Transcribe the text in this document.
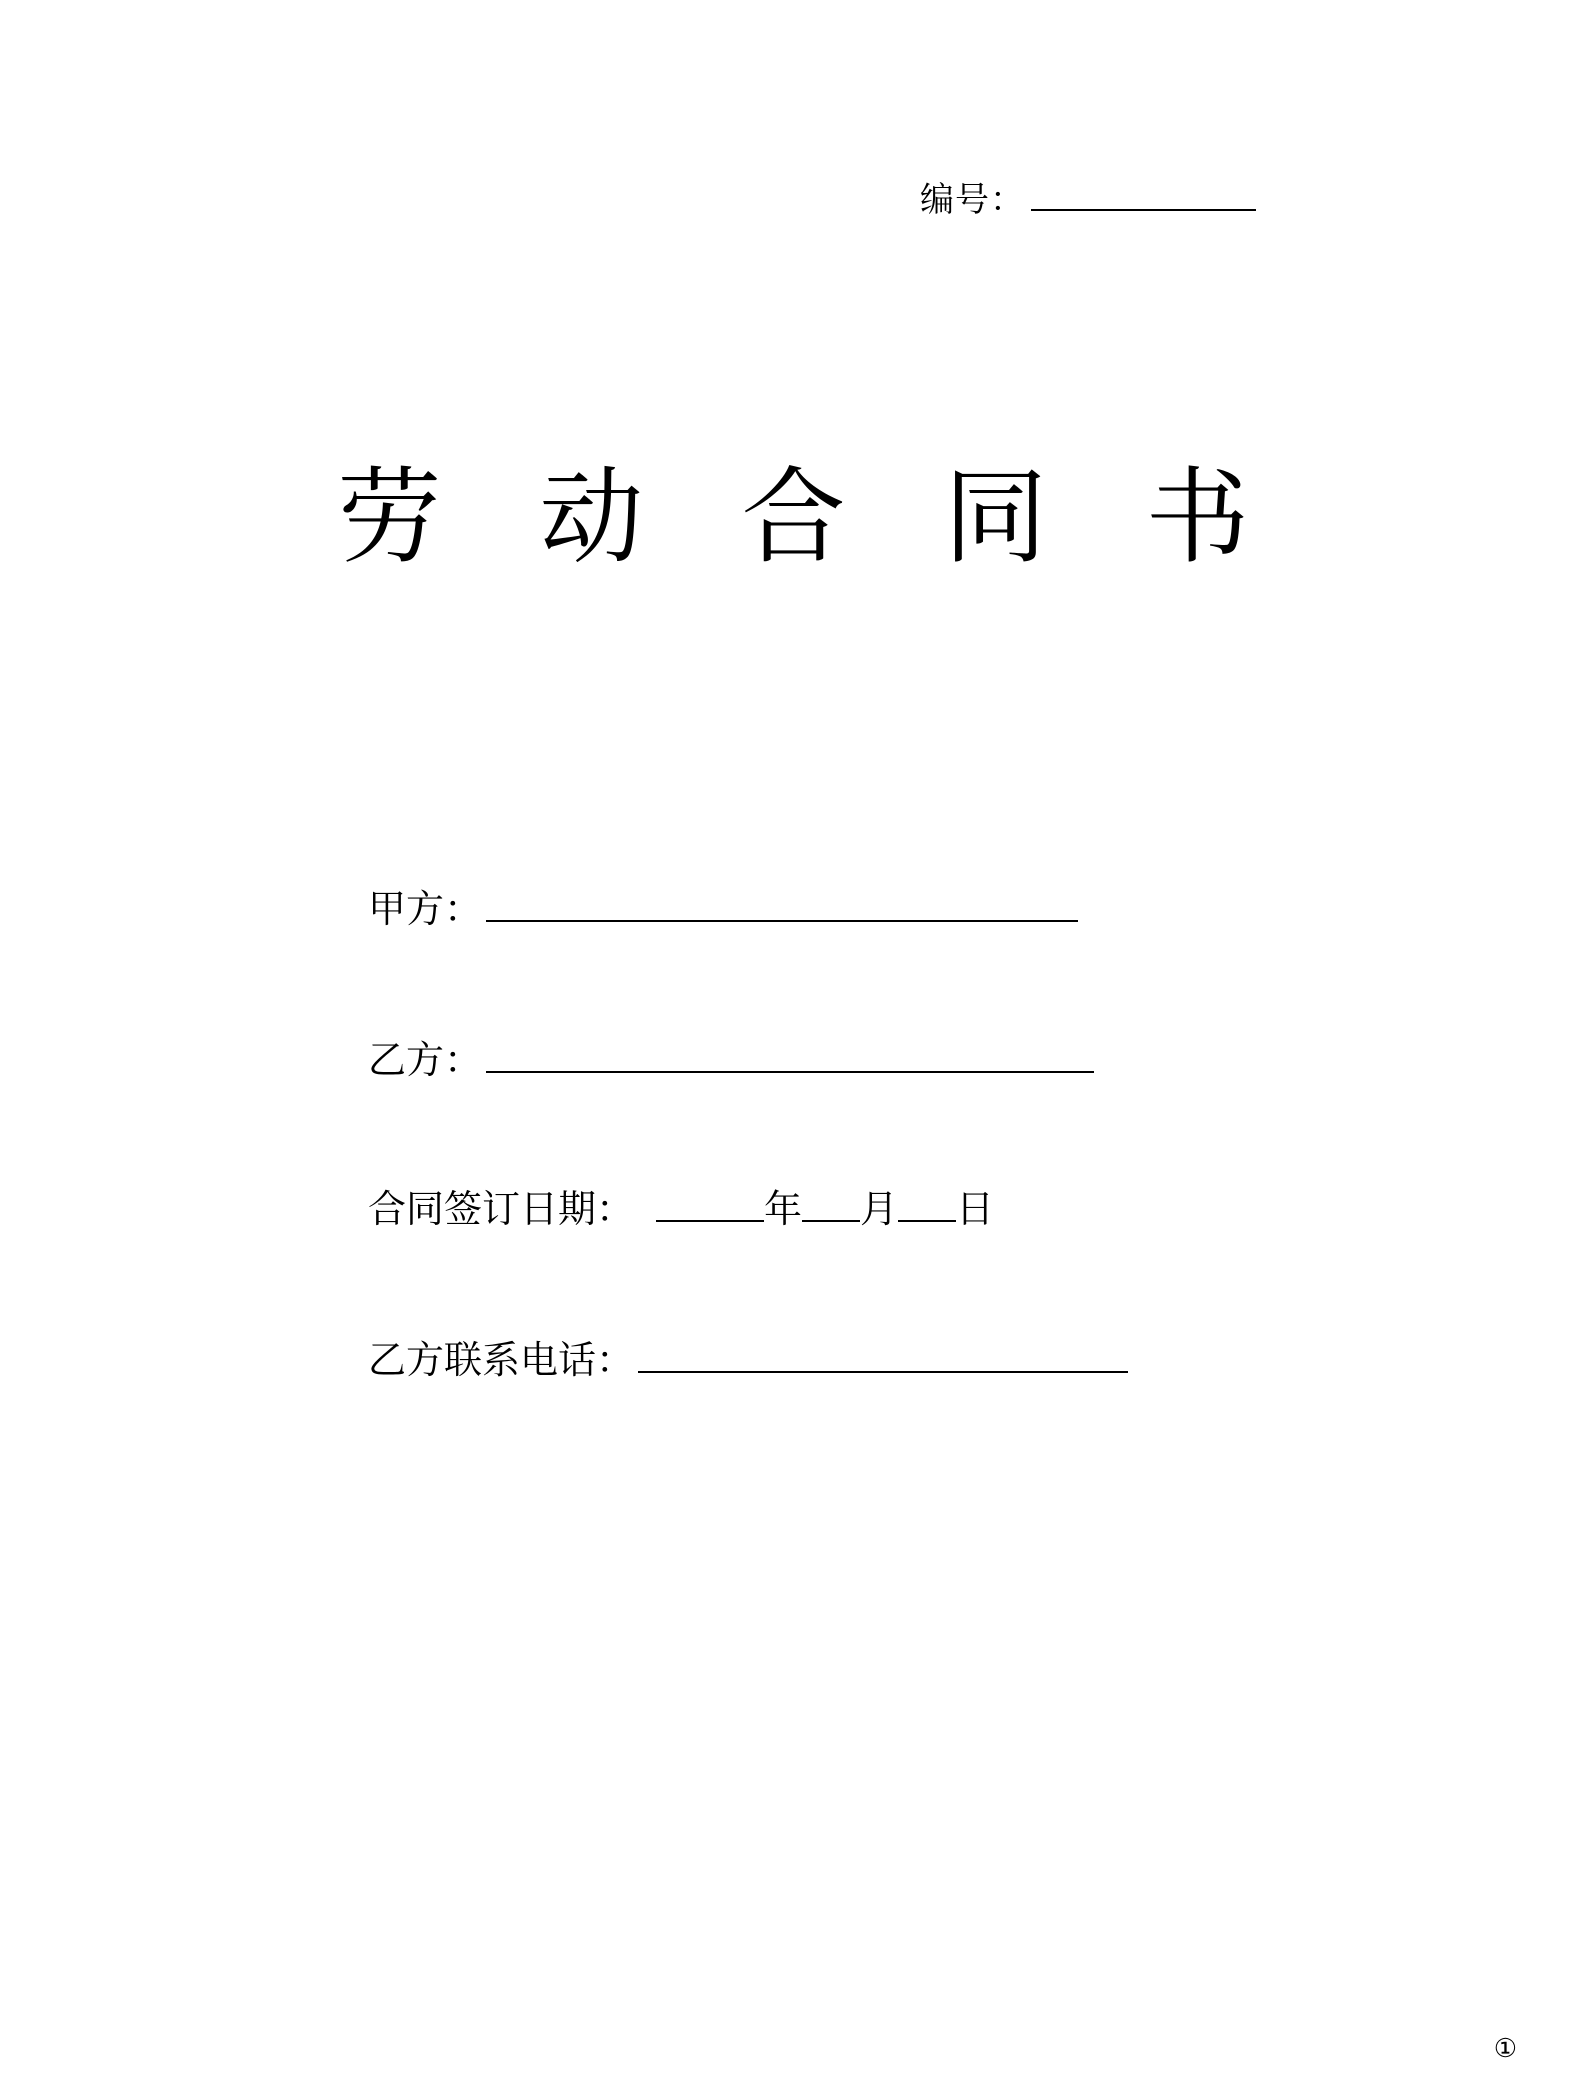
编号：
劳 动 合 同 书
甲方：
乙方：
合同签订日期：	年 月 日
乙方联系电话：
①
